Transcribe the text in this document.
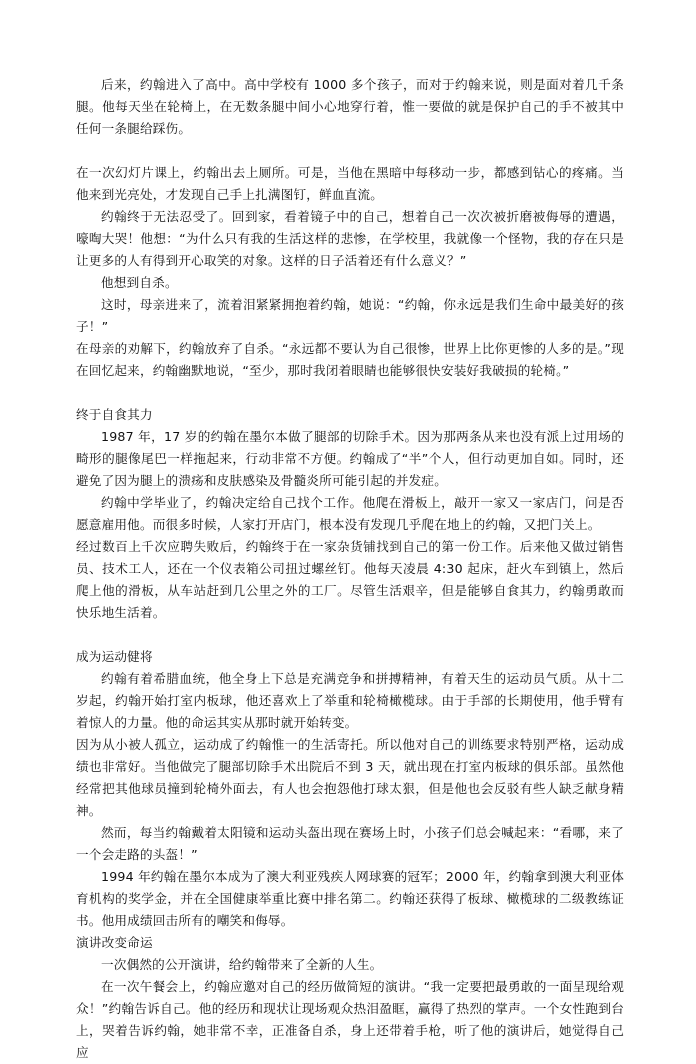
后来，约翰进入了高中。高中学校有 1000 多个孩子，而对于约翰来说，则是面对着几千条腿。他每天坐在轮椅上，在无数条腿中间小心地穿行着，惟一要做的就是保护自己的手不被其中任何一条腿给踩伤。

在一次幻灯片课上，约翰出去上厕所。可是，当他在黑暗中每移动一步，都感到钻心的疼痛。当他来到光亮处，才发现自己手上扎满图钉，鲜血直流。

约翰终于无法忍受了。回到家，看着镜子中的自己，想着自己一次次被折磨被侮辱的遭遇，嚎啕大哭！他想：“为什么只有我的生活这样的悲惨，在学校里，我就像一个怪物，我的存在只是让更多的人有得到开心取笑的对象。这样的日子活着还有什么意义？”

他想到自杀。

这时，母亲进来了，流着泪紧紧拥抱着约翰，她说：“约翰，你永远是我们生命中最美好的孩子！”

在母亲的劝解下，约翰放弃了自杀。“永远都不要认为自己很惨，世界上比你更惨的人多的是。”现在回忆起来，约翰幽默地说，“至少，那时我闭着眼睛也能够很快安装好我破损的轮椅。”

终于自食其力

1987 年，17 岁的约翰在墨尔本做了腿部的切除手术。因为那两条从来也没有派上过用场的畸形的腿像尾巴一样拖起来，行动非常不方便。约翰成了“半”个人，但行动更加自如。同时，还避免了因为腿上的溃疡和皮肤感染及骨髓炎所可能引起的并发症。

约翰中学毕业了，约翰决定给自己找个工作。他爬在滑板上，敲开一家又一家店门，问是否愿意雇用他。而很多时候，人家打开店门，根本没有发现几乎爬在地上的约翰，又把门关上。

经过数百上千次应聘失败后，约翰终于在一家杂货铺找到自己的第一份工作。后来他又做过销售员、技术工人，还在一个仪表箱公司扭过螺丝钉。他每天凌晨 4:30 起床，赶火车到镇上，然后爬上他的滑板，从车站赶到几公里之外的工厂。尽管生活艰辛，但是能够自食其力，约翰勇敢而快乐地生活着。

成为运动健将

约翰有着希腊血统，他全身上下总是充满竞争和拼搏精神，有着天生的运动员气质。从十二岁起，约翰开始打室内板球，他还喜欢上了举重和轮椅橄榄球。由于手部的长期使用，他手臂有着惊人的力量。他的命运其实从那时就开始转变。

因为从小被人孤立，运动成了约翰惟一的生活寄托。所以他对自己的训练要求特别严格，运动成绩也非常好。当他做完了腿部切除手术出院后不到 3 天，就出现在打室内板球的俱乐部。虽然他经常把其他球员撞到轮椅外面去，有人也会抱怨他打球太狠，但是他也会反驳有些人缺乏献身精神。

然而，每当约翰戴着太阳镜和运动头盔出现在赛场上时，小孩子们总会喊起来：“看哪，来了一个会走路的头盔！”

1994 年约翰在墨尔本成为了澳大利亚残疾人网球赛的冠军；2000 年，约翰拿到澳大利亚体育机构的奖学金，并在全国健康举重比赛中排名第二。约翰还获得了板球、橄榄球的二级教练证书。他用成绩回击所有的嘲笑和侮辱。

演讲改变命运

一次偶然的公开演讲，给约翰带来了全新的人生。

在一次午餐会上，约翰应邀对自己的经历做简短的演讲。“我一定要把最勇敢的一面呈现给观众！”约翰告诉自己。他的经历和现状让现场观众热泪盈眶，赢得了热烈的掌声。一个女性跑到台上，哭着告诉约翰，她非常不幸，正准备自杀，身上还带着手枪，听了他的演讲后，她觉得自己应
